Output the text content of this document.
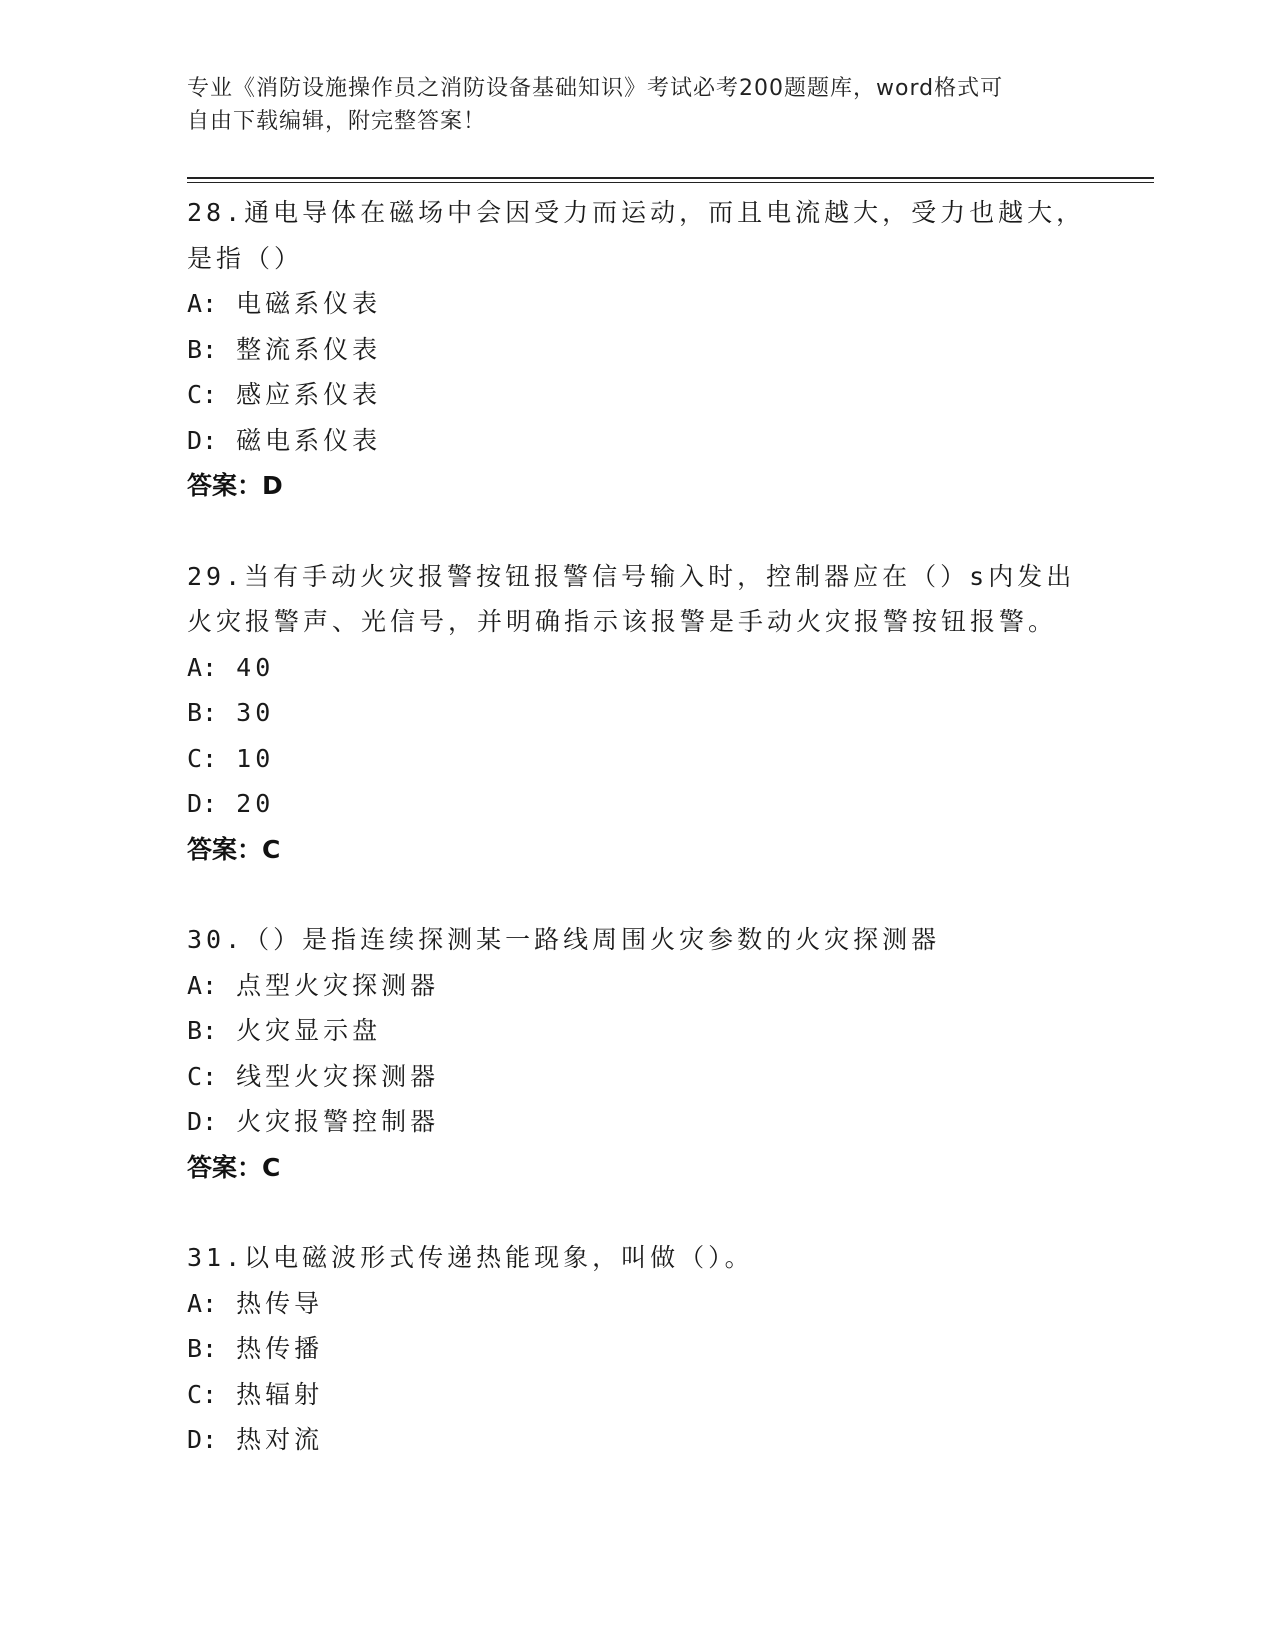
专业《消防设施操作员之消防设备基础知识》考试必考200题题库，word格式可
自由下载编辑，附完整答案！
28.通电导体在磁场中会因受力而运动，而且电流越大，受力也越大，
是指（）
A: 电磁系仪表
B: 整流系仪表
C: 感应系仪表
D: 磁电系仪表
答案：D
29.当有手动火灾报警按钮报警信号输入时，控制器应在（）s内发出
火灾报警声、光信号，并明确指示该报警是手动火灾报警按钮报警。
A: 40
B: 30
C: 10
D: 20
答案：C
30.（）是指连续探测某一路线周围火灾参数的火灾探测器
A: 点型火灾探测器
B: 火灾显示盘
C: 线型火灾探测器
D: 火灾报警控制器
答案：C
31.以电磁波形式传递热能现象，叫做（）。
A: 热传导
B: 热传播
C: 热辐射
D: 热对流
